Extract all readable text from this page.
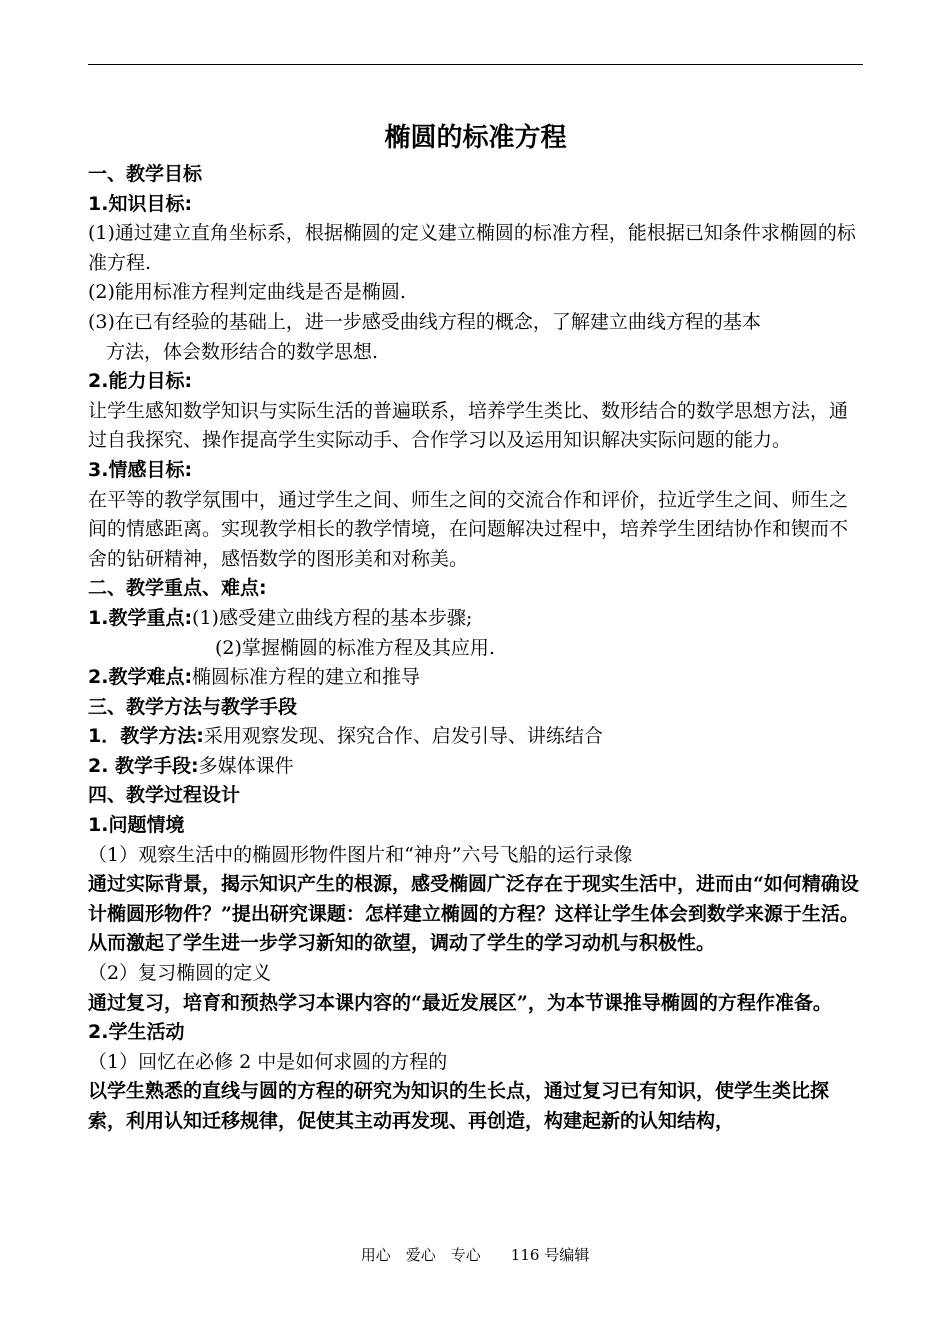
椭圆的标准方程
一、教学目标
1.知识目标:
(1)通过建立直角坐标系，根据椭圆的定义建立椭圆的标准方程，能根据已知条件求椭圆的标准方程.
(2)能用标准方程判定曲线是否是椭圆.
(3)在已有经验的基础上，进一步感受曲线方程的概念，了解建立曲线方程的基本
方法，体会数形结合的数学思想.
2.能力目标:
让学生感知数学知识与实际生活的普遍联系，培养学生类比、数形结合的数学思想方法，通过自我探究、操作提高学生实际动手、合作学习以及运用知识解决实际问题的能力。
3.情感目标:
在平等的教学氛围中，通过学生之间、师生之间的交流合作和评价，拉近学生之间、师生之间的情感距离。实现教学相长的教学情境，在问题解决过程中，培养学生团结协作和锲而不舍的钻研精神，感悟数学的图形美和对称美。
二、教学重点、难点:
1.教学重点:(1)感受建立曲线方程的基本步骤;
(2)掌握椭圆的标准方程及其应用.
2.教学难点:椭圆标准方程的建立和推导
三、教学方法与教学手段
1．教学方法:采用观察发现、探究合作、启发引导、讲练结合
2. 教学手段:多媒体课件
四、教学过程设计
1.问题情境
（1）观察生活中的椭圆形物件图片和“神舟”六号飞船的运行录像
通过实际背景，揭示知识产生的根源，感受椭圆广泛存在于现实生活中，进而由“如何精确设计椭圆形物件？”提出研究课题：怎样建立椭圆的方程？这样让学生体会到数学来源于生活。从而激起了学生进一步学习新知的欲望，调动了学生的学习动机与积极性。
（2）复习椭圆的定义
通过复习，培育和预热学习本课内容的“最近发展区”，为本节课推导椭圆的方程作准备。
2.学生活动
（1）回忆在必修 2 中是如何求圆的方程的
以学生熟悉的直线与圆的方程的研究为知识的生长点，通过复习已有知识，使学生类比探索，利用认知迁移规律，促使其主动再发现、再创造，构建起新的认知结构，
用心　爱心　专心　　116 号编辑
